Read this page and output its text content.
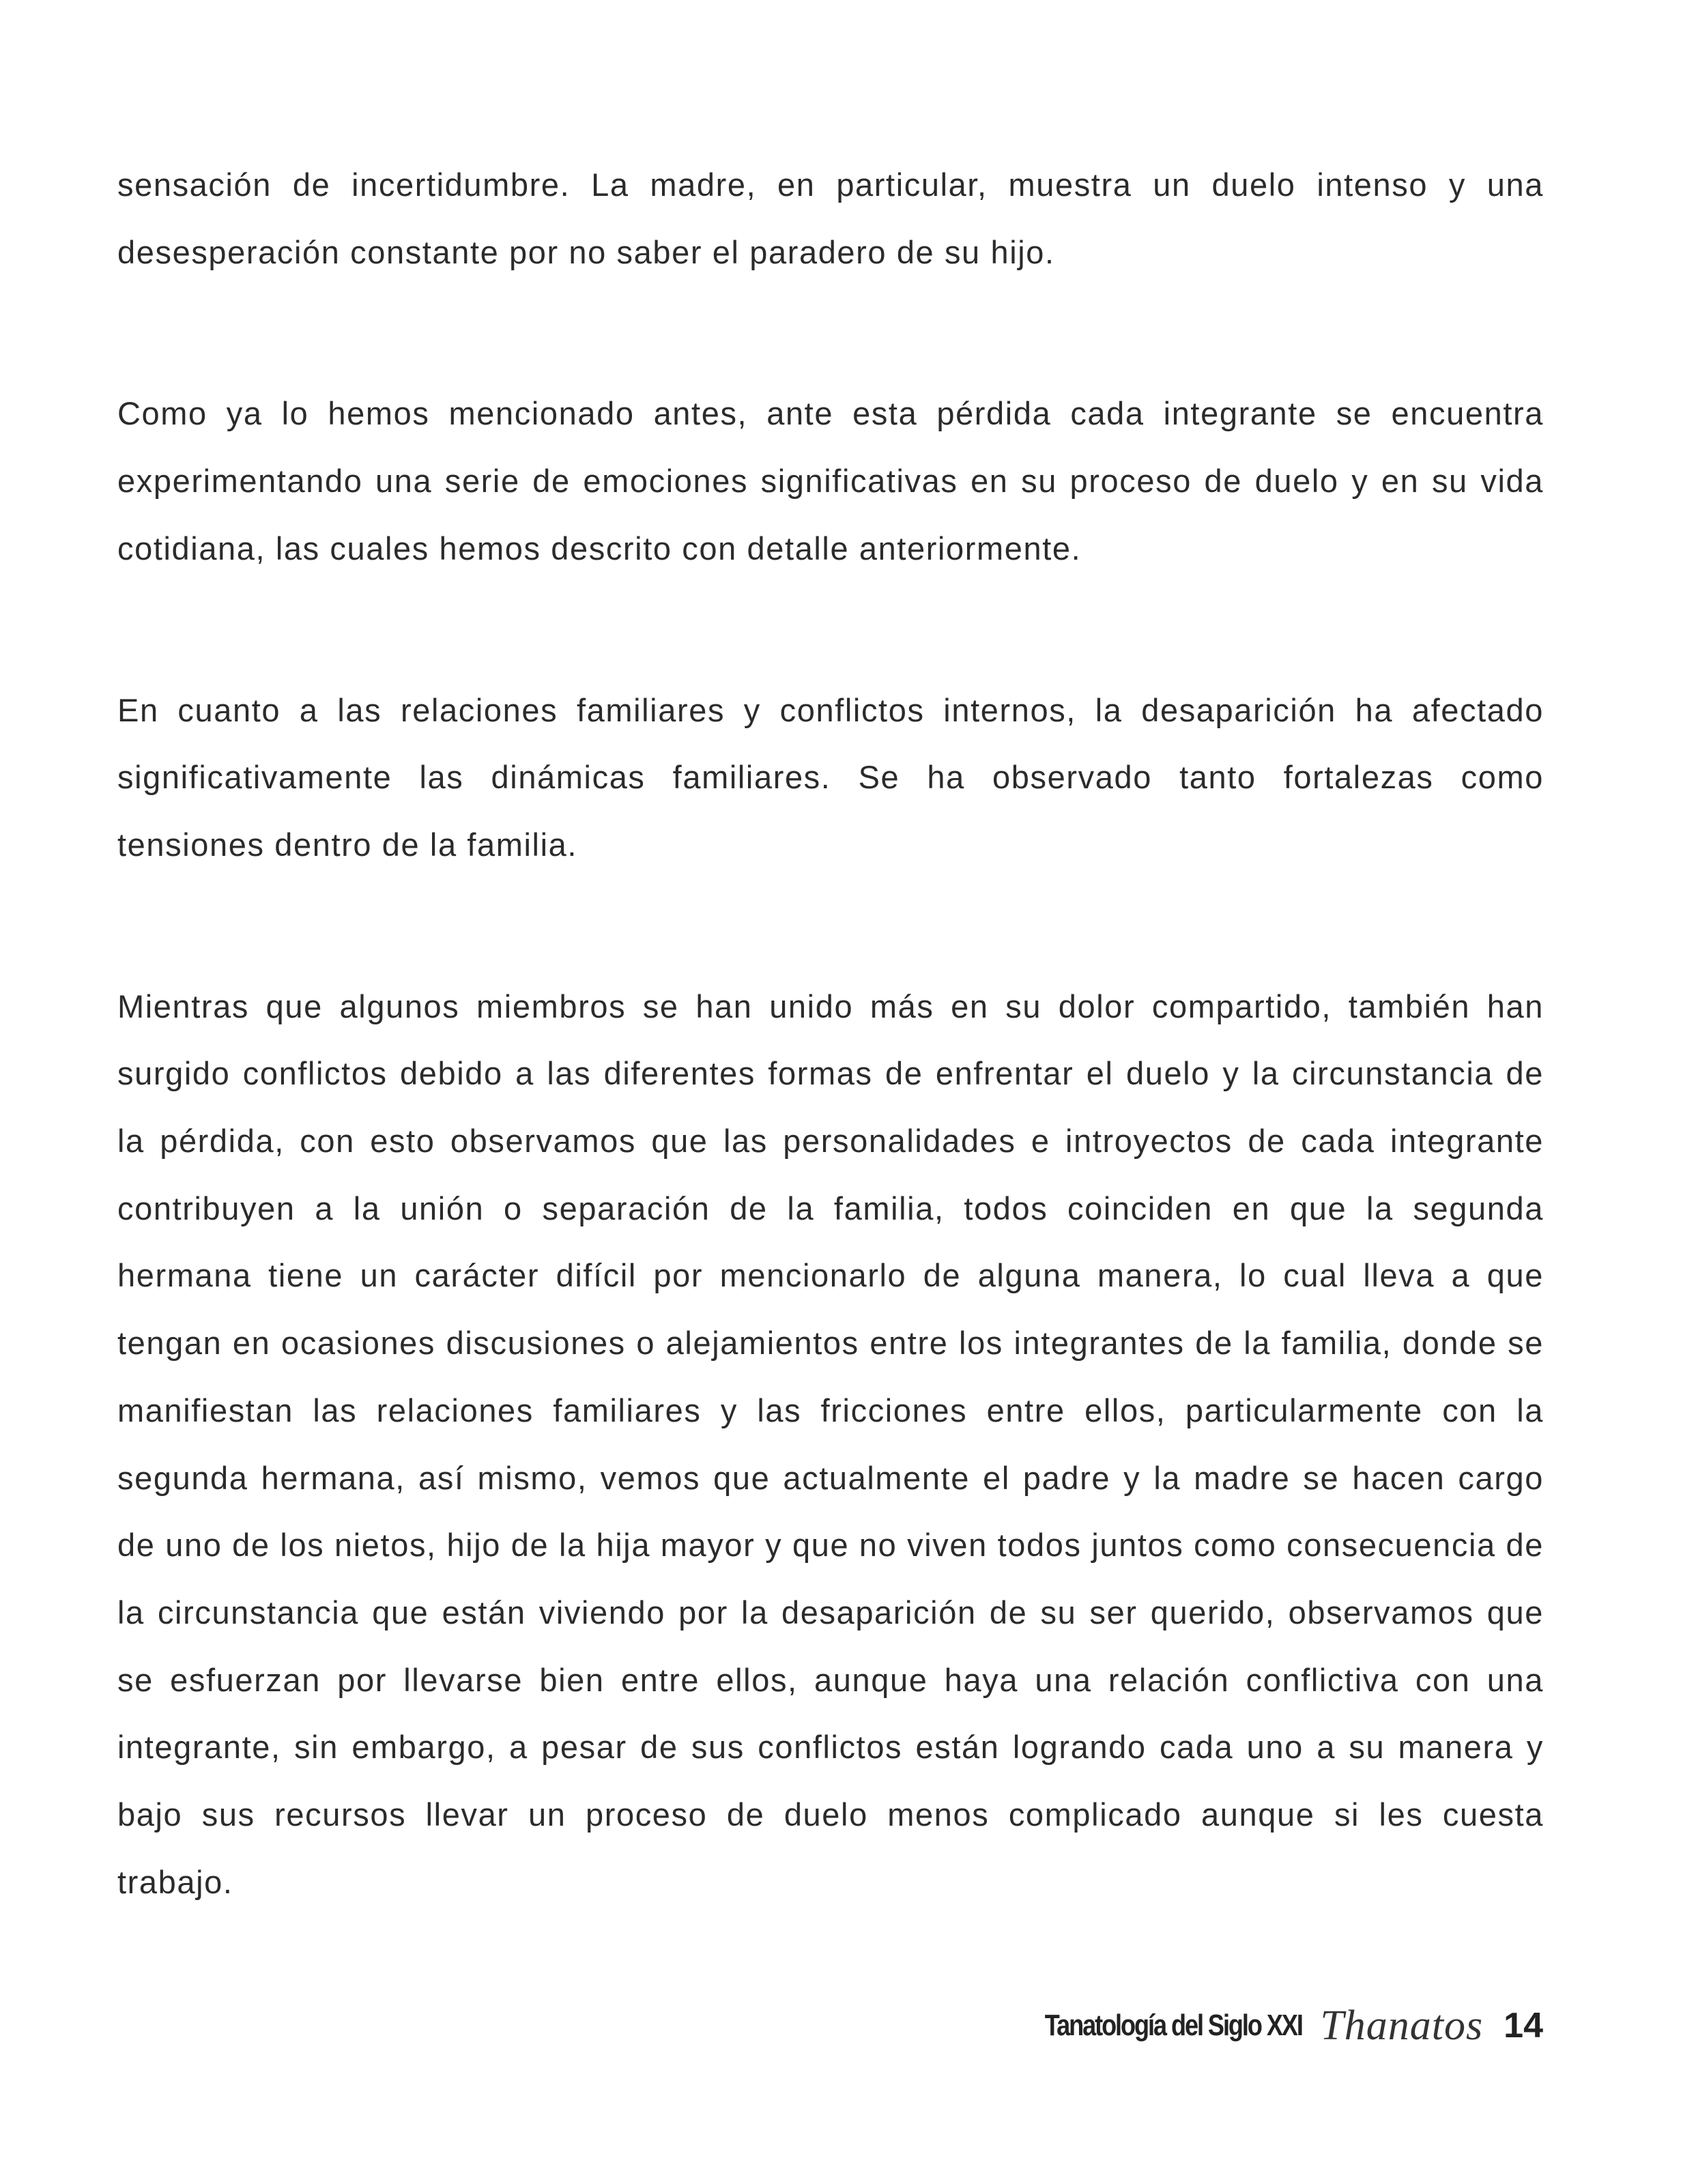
sensación de incertidumbre. La madre, en particular, muestra un duelo intenso y una desesperación constante por no saber el paradero de su hijo.

Como ya lo hemos mencionado antes, ante esta pérdida cada integrante se encuentra experimentando una serie de emociones significativas en su proceso de duelo y en su vida cotidiana, las cuales hemos descrito con detalle anteriormente.

En cuanto a las relaciones familiares y conflictos internos, la desaparición ha afectado significativamente las dinámicas familiares. Se ha observado tanto fortalezas como tensiones dentro de la familia.

Mientras que algunos miembros se han unido más en su dolor compartido, también han surgido conflictos debido a las diferentes formas de enfrentar el duelo y la circunstancia de la pérdida, con esto observamos que las personalidades e introyectos de cada integrante contribuyen a la unión o separación de la familia, todos coinciden en que la segunda hermana tiene un carácter difícil por mencionarlo de alguna manera, lo cual lleva a que tengan en ocasiones discusiones o alejamientos entre los integrantes de la familia, donde se manifiestan las relaciones familiares y las fricciones entre ellos, particularmente con la segunda hermana, así mismo, vemos que actualmente el padre y la madre se hacen cargo de uno de los nietos, hijo de la hija mayor y que no viven todos juntos como consecuencia de la circunstancia que están viviendo por la desaparición de su ser querido, observamos que se esfuerzan por llevarse bien entre ellos, aunque haya una relación conflictiva con una integrante, sin embargo, a pesar de sus conflictos están logrando cada uno a su manera y bajo sus recursos llevar un proceso de duelo menos complicado aunque si les cuesta trabajo.

Tanatología del Siglo XXI Thanatos 14
